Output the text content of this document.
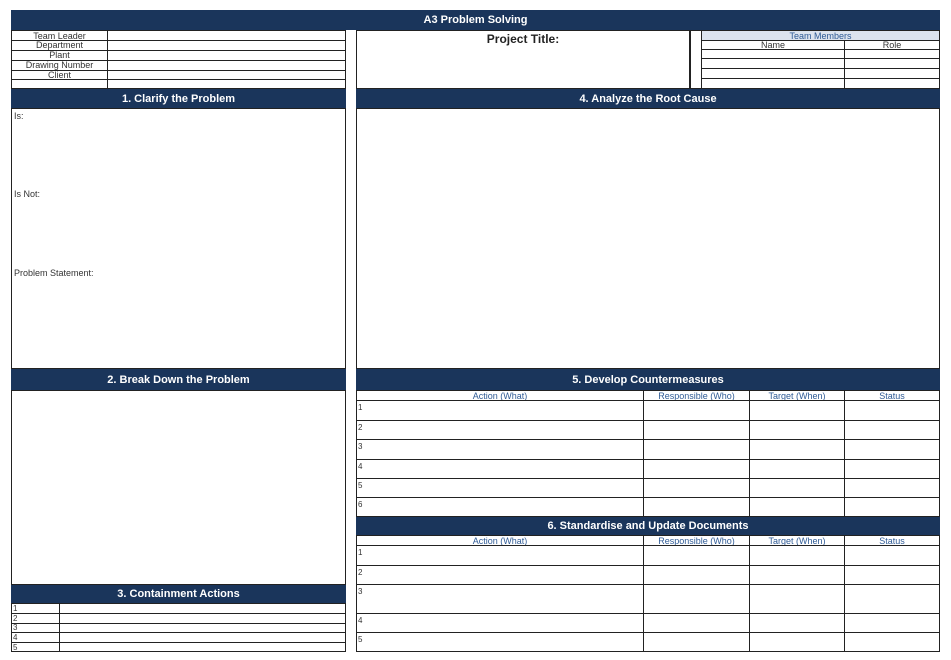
A3 Problem Solving
Team Leader
Department
Plant
Drawing Number
Client
Project Title:	Team Members
Name	Role
1. Clarify the Problem
Is:
Is Not:
Problem Statement:
4. Analyze the Root Cause
2. Break Down the Problem
3. Containment Actions
1
2
3
4
5
5. Develop Countermeasures
Action (What)	Responsible (Who)	Target (When)	Status
1
2
3
4
5
6
6. Standardise and Update Documents
Action (What)	Responsible (Who)	Target (When)	Status
1
2
3
4
5
